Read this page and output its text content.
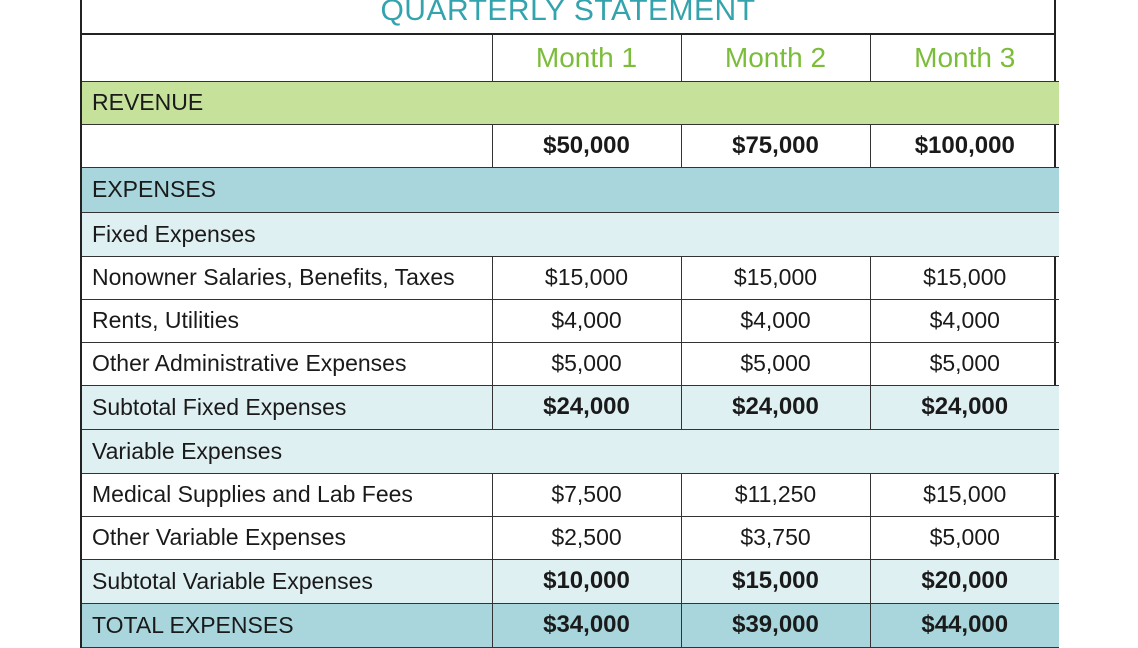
QUARTERLY STATEMENT
	Month 1	Month 2	Month 3
REVENUE			
	$50,000	$75,000	$100,000
EXPENSES			
Fixed Expenses			
Nonowner Salaries, Benefits, Taxes	$15,000	$15,000	$15,000
Rents, Utilities	$4,000	$4,000	$4,000
Other Administrative Expenses	$5,000	$5,000	$5,000
Subtotal Fixed Expenses	$24,000	$24,000	$24,000
Variable Expenses			
Medical Supplies and Lab Fees	$7,500	$11,250	$15,000
Other Variable Expenses	$2,500	$3,750	$5,000
Subtotal Variable Expenses	$10,000	$15,000	$20,000
TOTAL EXPENSES	$34,000	$39,000	$44,000
